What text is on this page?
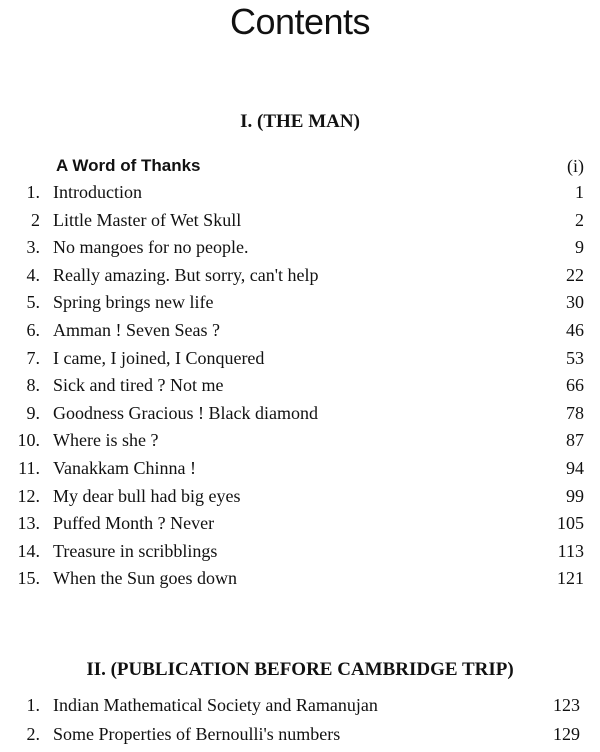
Contents
I. (THE MAN)
A Word of Thanks	(i)
1. Introduction	1
2 Little Master of Wet Skull	2
3. No mangoes for no people.	9
4. Really amazing. But sorry, can't help	22
5. Spring brings new life	30
6. Amman ! Seven Seas ?	46
7. I came, I joined, I Conquered	53
8. Sick and tired ? Not me	66
9. Goodness Gracious ! Black diamond	78
10. Where is she ?	87
11. Vanakkam Chinna !	94
12. My dear bull had big eyes	99
13. Puffed Month ? Never	105
14. Treasure in scribblings	113
15. When the Sun goes down	121
II. (PUBLICATION BEFORE CAMBRIDGE TRIP)
1. Indian Mathematical Society and Ramanujan	123
2. Some Properties of Bernoulli's numbers	129
